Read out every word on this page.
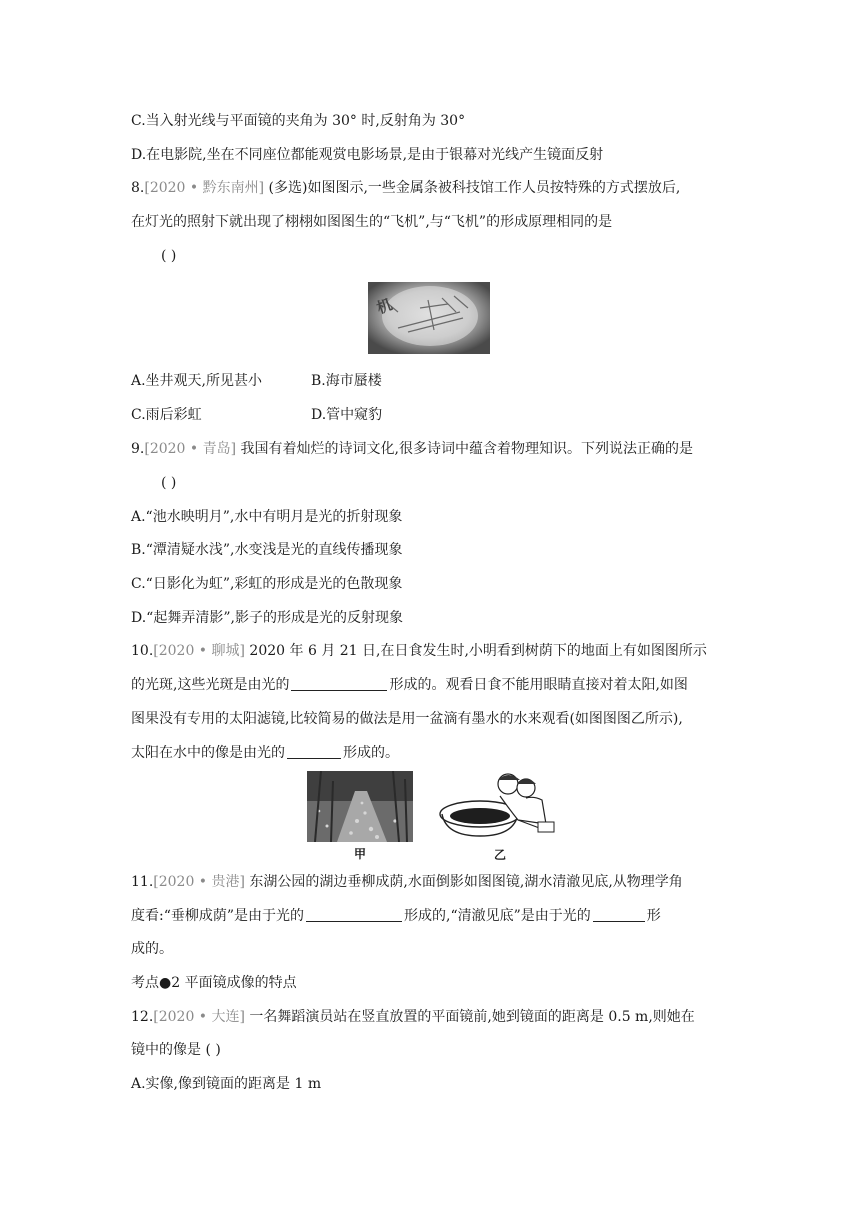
C.当入射光线与平面镜的夹角为 30° 时,反射角为 30°
D.在电影院,坐在不同座位都能观赏电影场景,是由于银幕对光线产生镜面反射
8.[2020 • 黔东南州] (多选)如图图示,一些金属条被科技馆工作人员按特殊的方式摆放后,
在灯光的照射下就出现了栩栩如图图生的“飞机”,与“飞机”的形成原理相同的是
( )
机
A.坐井观天,所见甚小	B.海市蜃楼
C.雨后彩虹	D.管中窥豹
9.[2020 • 青岛] 我国有着灿烂的诗词文化,很多诗词中蕴含着物理知识。下列说法正确的是
( )
A.“池水映明月”,水中有明月是光的折射现象
B.“潭清疑水浅”,水变浅是光的直线传播现象
C.“日影化为虹”,彩虹的形成是光的色散现象
D.“起舞弄清影”,影子的形成是光的反射现象
10.[2020 • 聊城] 2020 年 6 月 21 日,在日食发生时,小明看到树荫下的地面上有如图图所示
的光斑,这些光斑是由光的	形成的。观看日食不能用眼睛直接对着太阳,如图
图果没有专用的太阳滤镜,比较简易的做法是用一盆滴有墨水的水来观看(如图图图乙所示),
太阳在水中的像是由光的	形成的。
甲	乙
11.[2020 • 贵港] 东湖公园的湖边垂柳成荫,水面倒影如图图镜,湖水清澈见底,从物理学角
度看:“垂柳成荫”是由于光的	形成的,“清澈见底”是由于光的	形
成的。
考点●2 平面镜成像的特点
12.[2020 • 大连] 一名舞蹈演员站在竖直放置的平面镜前,她到镜面的距离是 0.5 m,则她在
镜中的像是 ( )
A.实像,像到镜面的距离是 1 m
